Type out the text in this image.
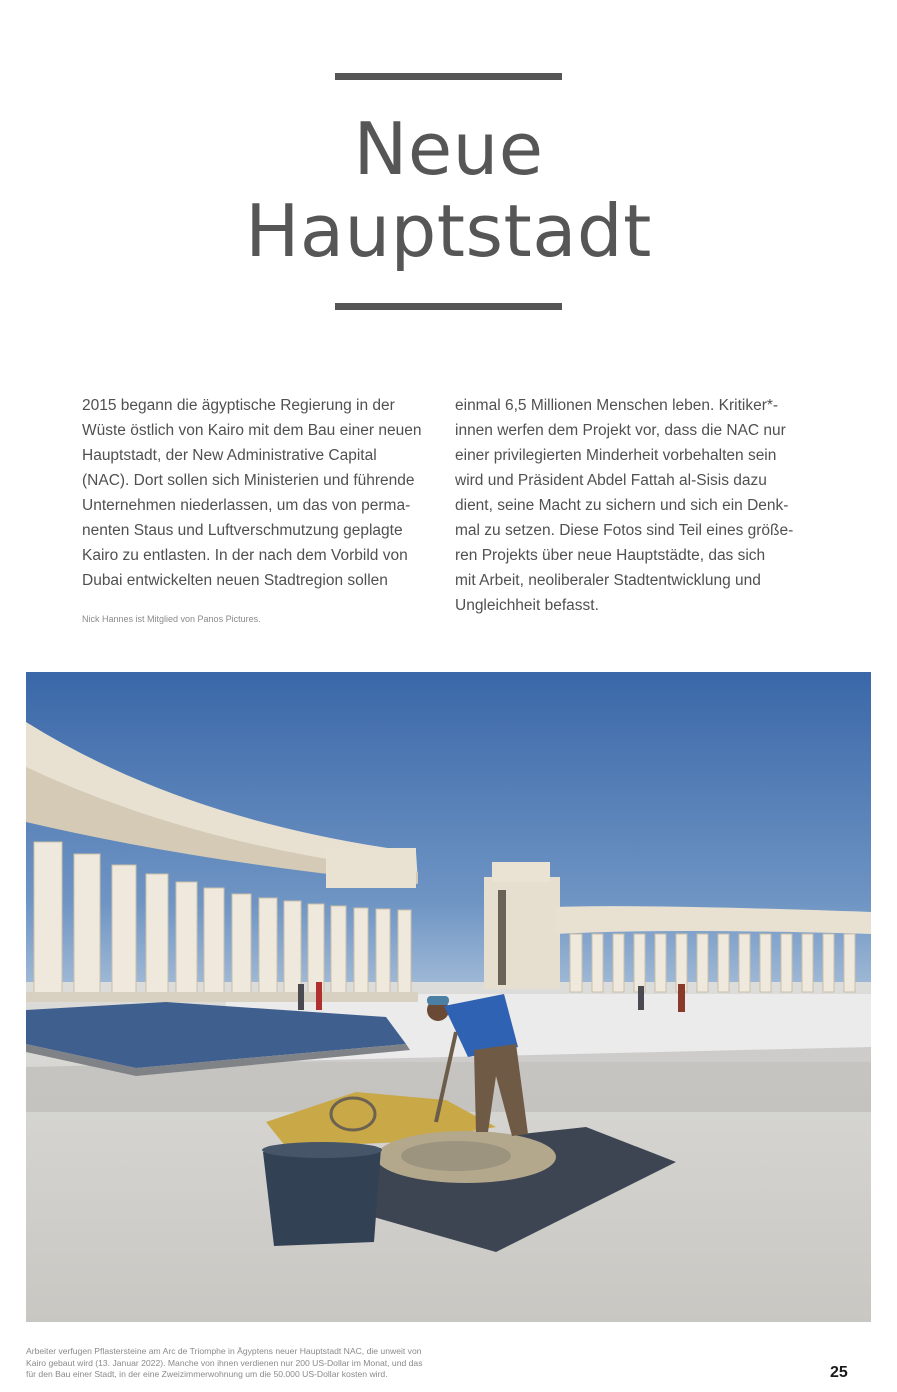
Neue
Hauptstadt
2015 begann die ägyptische Regierung in der
Wüste östlich von Kairo mit dem Bau einer neuen
Hauptstadt, der New Administrative Capital
(NAC). Dort sollen sich Ministerien und führende
Unternehmen niederlassen, um das von perma-
nenten Staus und Luftverschmutzung geplagte
Kairo zu entlasten. In der nach dem Vorbild von
Dubai entwickelten neuen Stadtregion sollen
Nick Hannes ist Mitglied von Panos Pictures.
einmal 6,5 Millionen Menschen leben. Kritiker*-
innen werfen dem Projekt vor, dass die NAC nur
einer privilegierten Minderheit vorbehalten sein
wird und Präsident Abdel Fattah al-Sisis dazu
dient, seine Macht zu sichern und sich ein Denk-
mal zu setzen. Diese Fotos sind Teil eines größe-
ren Projekts über neue Hauptstädte, das sich
mit Arbeit, neoliberaler Stadtentwicklung und
Ungleichheit befasst.
Arbeiter verfugen Pflastersteine am Arc de Triomphe in Ägyptens neuer Hauptstadt NAC, die unweit von
Kairo gebaut wird (13. Januar 2022). Manche von ihnen verdienen nur 200 US-Dollar im Monat, und das
für den Bau einer Stadt, in der eine Zweizimmerwohnung um die 50.000 US-Dollar kosten wird.	25
